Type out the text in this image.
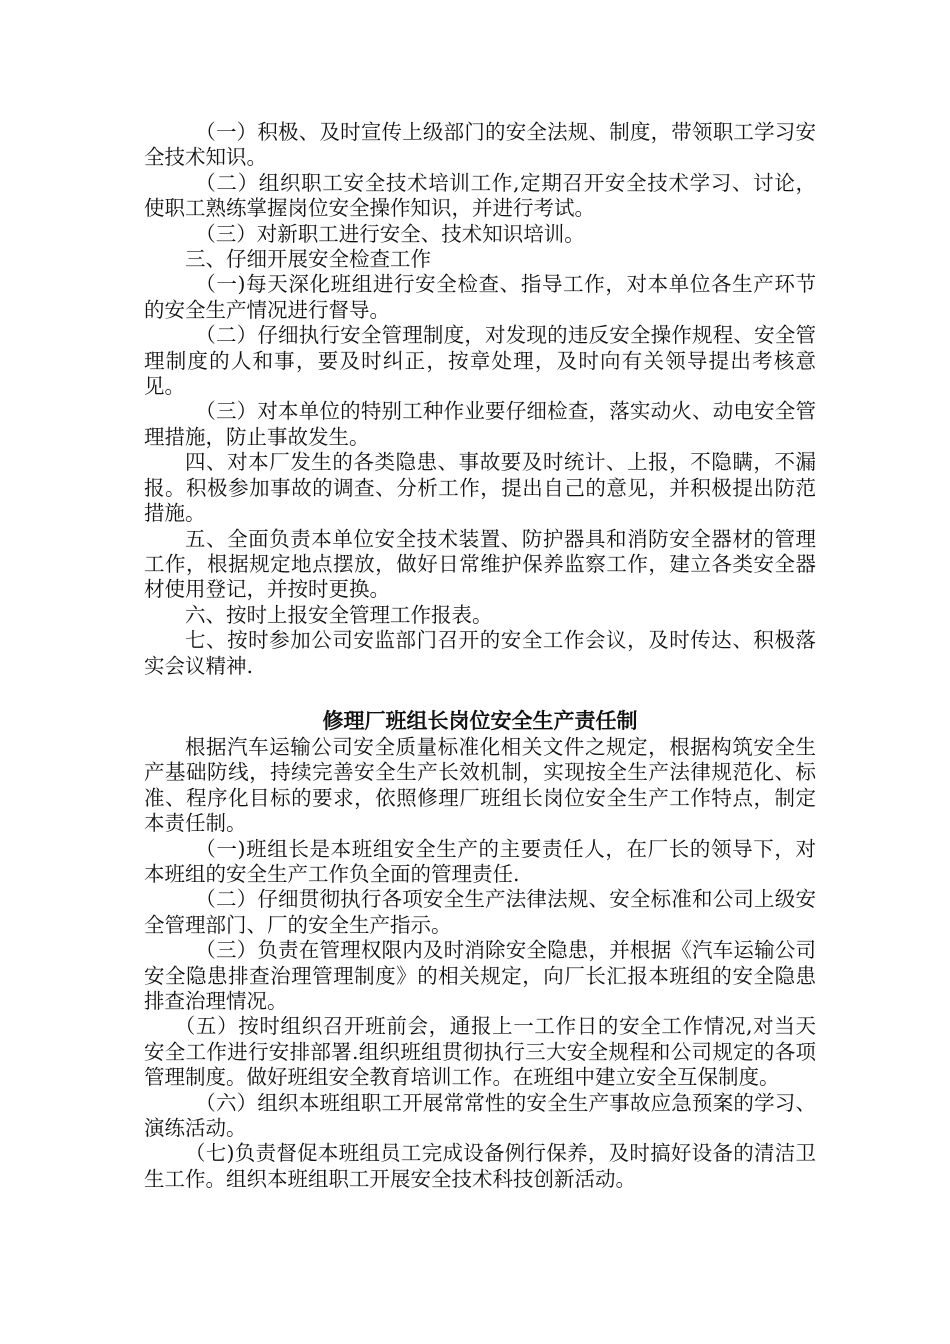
（一）积极、及时宣传上级部门的安全法规、制度，带领职工学习安全技术知识。

（二）组织职工安全技术培训工作,定期召开安全技术学习、讨论，使职工熟练掌握岗位安全操作知识，并进行考试。

（三）对新职工进行安全、技术知识培训。

三、仔细开展安全检查工作

（一)每天深化班组进行安全检查、指导工作，对本单位各生产环节的安全生产情况进行督导。

（二）仔细执行安全管理制度，对发现的违反安全操作规程、安全管理制度的人和事，要及时纠正，按章处理，及时向有关领导提出考核意见。

（三）对本单位的特别工种作业要仔细检查，落实动火、动电安全管理措施，防止事故发生。

四、对本厂发生的各类隐患、事故要及时统计、上报，不隐瞒，不漏报。积极参加事故的调查、分析工作，提出自己的意见，并积极提出防范措施。

五、全面负责本单位安全技术装置、防护器具和消防安全器材的管理工作，根据规定地点摆放，做好日常维护保养监察工作，建立各类安全器材使用登记，并按时更换。

六、按时上报安全管理工作报表。

七、按时参加公司安监部门召开的安全工作会议，及时传达、积极落实会议精神.

修理厂班组长岗位安全生产责任制

根据汽车运输公司安全质量标准化相关文件之规定，根据构筑安全生产基础防线，持续完善安全生产长效机制，实现按全生产法律规范化、标准、程序化目标的要求，依照修理厂班组长岗位安全生产工作特点，制定本责任制。

（一)班组长是本班组安全生产的主要责任人，在厂长的领导下，对本班组的安全生产工作负全面的管理责任.

（二）仔细贯彻执行各项安全生产法律法规、安全标准和公司上级安全管理部门、厂的安全生产指示。

（三）负责在管理权限内及时消除安全隐患，并根据《汽车运输公司安全隐患排查治理管理制度》的相关规定，向厂长汇报本班组的安全隐患排查治理情况。

（五）按时组织召开班前会，通报上一工作日的安全工作情况,对当天安全工作进行安排部署.组织班组贯彻执行三大安全规程和公司规定的各项管理制度。做好班组安全教育培训工作。在班组中建立安全互保制度。

（六）组织本班组职工开展常常性的安全生产事故应急预案的学习、演练活动。

（七)负责督促本班组员工完成设备例行保养，及时搞好设备的清洁卫生工作。组织本班组职工开展安全技术科技创新活动。
